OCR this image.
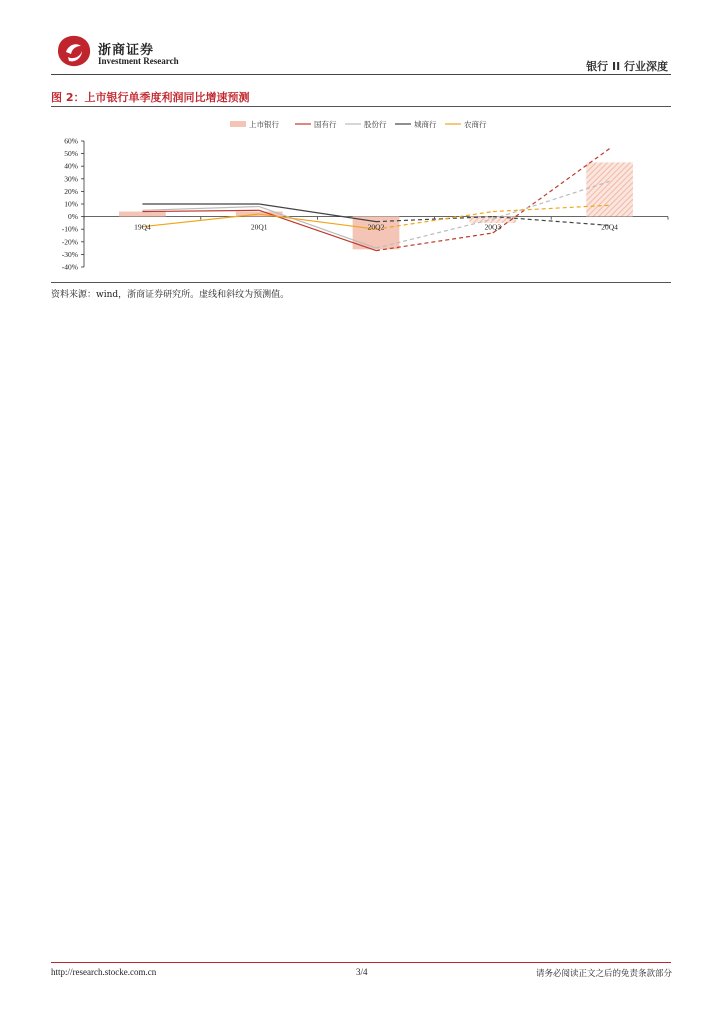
浙商证券
Investment Research	银行 II 行业深度
图 2：上市银行单季度利润同比增速预测
上市银行	国有行	股份行	城商行	农商行
60%
50%
40%
30%
20%
10%
0%
-10%
-20%
-30%
-40%
19Q4	20Q1	20Q2	20Q3	20Q4
资料来源：wind，浙商证券研究所。虚线和斜纹为预测值。
http://research.stocke.com.cn	3/4	请务必阅读正文之后的免责条款部分
